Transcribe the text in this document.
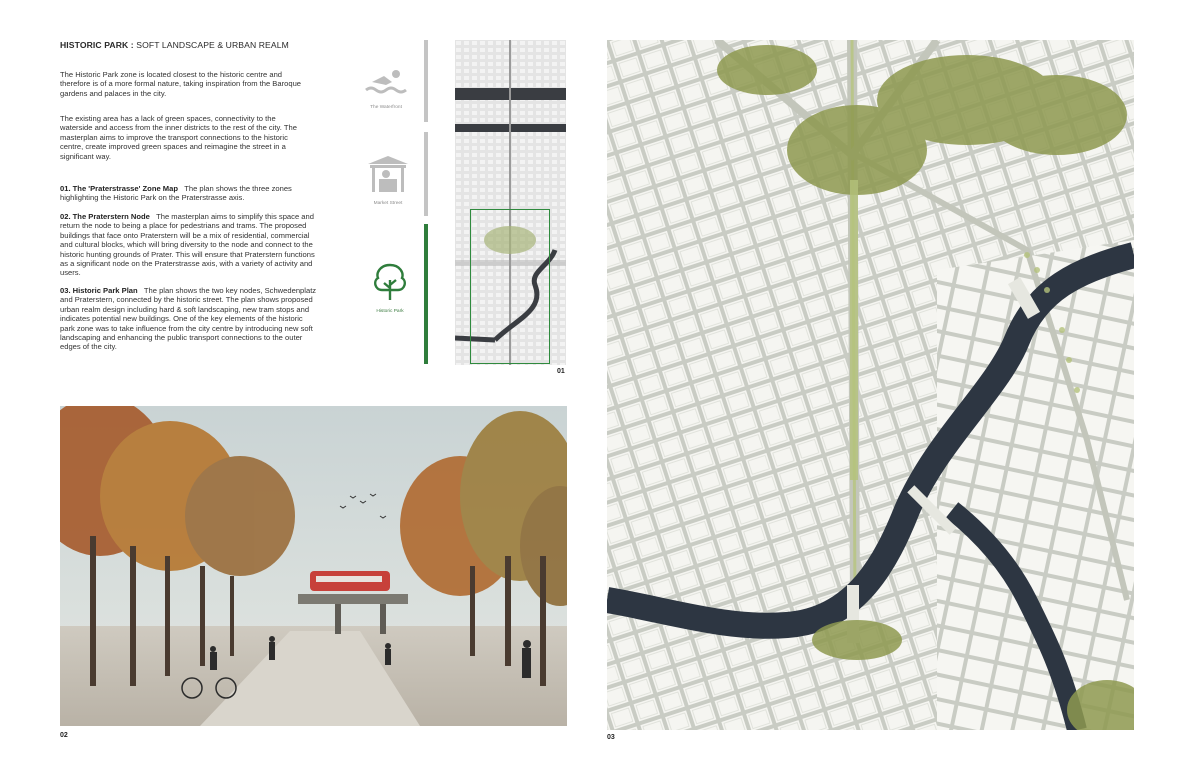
HISTORIC PARK : SOFT LANDSCAPE & URBAN REALM
The Historic Park zone is located closest to the historic centre and therefore is of a more formal nature, taking inspiration from the Baroque gardens and palaces in the city.
The existing area has a lack of green spaces, connectivity to the waterside and access from the inner districts to the rest of the city. The masterplan aims to improve the transport connections to the historic centre, create improved green spaces and reimagine the street in a significant way.
01. The 'Praterstrasse' Zone Map The plan shows the three zones highlighting the Historic Park on the Praterstrasse axis.
02. The Praterstern Node The masterplan aims to simplify this space and return the node to being a place for pedestrians and trams. The proposed buildings that face onto Praterstern will be a mix of residential, commercial and cultural blocks, which will bring diversity to the node and connect to the historic hunting grounds of Prater. This will ensure that Praterstern functions as a significant node on the Praterstrasse axis, with a variety of activity and users.
03. Historic Park Plan The plan shows the two key nodes, Schwedenplatz and Praterstern, connected by the historic street. The plan shows proposed urban realm design including hard & soft landscaping, new tram stops and indicates potential new buildings. One of the key elements of the historic park zone was to take influence from the city centre by introducing new soft landscaping and enhancing the public transport connections to the outer edges of the city.
The Waterfront
Market Street
Historic Park
01
02	03
